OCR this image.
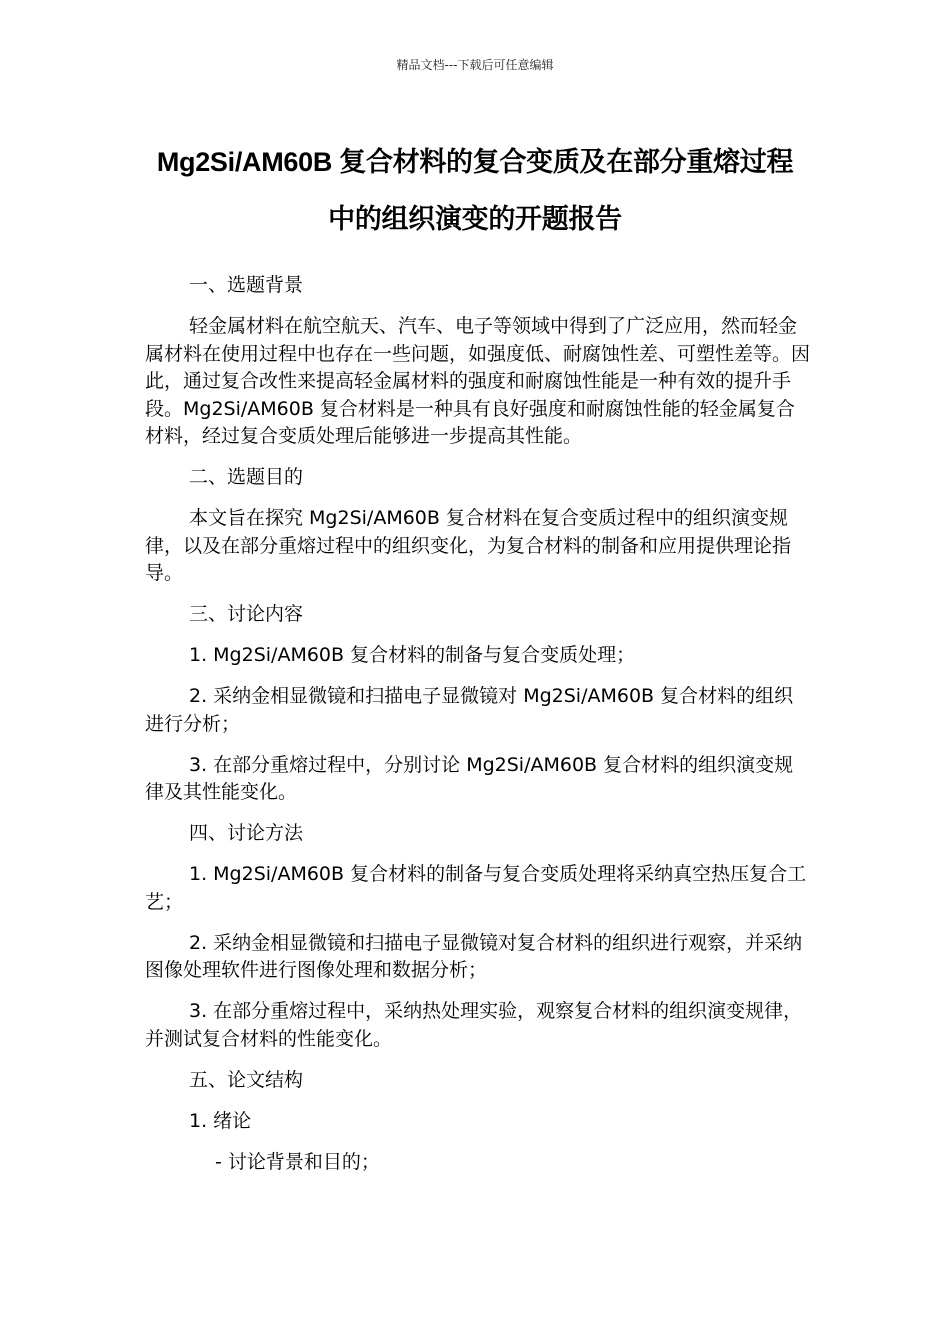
精品文档---下载后可任意编辑
Mg2Si/AM60B 复合材料的复合变质及在部分重熔过程中的组织演变的开题报告

一、选题背景

轻金属材料在航空航天、汽车、电子等领域中得到了广泛应用，然而轻金属材料在使用过程中也存在一些问题，如强度低、耐腐蚀性差、可塑性差等。因此，通过复合改性来提高轻金属材料的强度和耐腐蚀性能是一种有效的提升手段。Mg2Si/AM60B 复合材料是一种具有良好强度和耐腐蚀性能的轻金属复合材料，经过复合变质处理后能够进一步提高其性能。

二、选题目的

本文旨在探究 Mg2Si/AM60B 复合材料在复合变质过程中的组织演变规律，以及在部分重熔过程中的组织变化，为复合材料的制备和应用提供理论指导。

三、讨论内容

1. Mg2Si/AM60B 复合材料的制备与复合变质处理；

2. 采纳金相显微镜和扫描电子显微镜对 Mg2Si/AM60B 复合材料的组织进行分析；

3. 在部分重熔过程中，分别讨论 Mg2Si/AM60B 复合材料的组织演变规律及其性能变化。

四、讨论方法

1. Mg2Si/AM60B 复合材料的制备与复合变质处理将采纳真空热压复合工艺；

2. 采纳金相显微镜和扫描电子显微镜对复合材料的组织进行观察，并采纳图像处理软件进行图像处理和数据分析；

3. 在部分重熔过程中，采纳热处理实验，观察复合材料的组织演变规律，并测试复合材料的性能变化。

五、论文结构

1. 绪论

- 讨论背景和目的；
